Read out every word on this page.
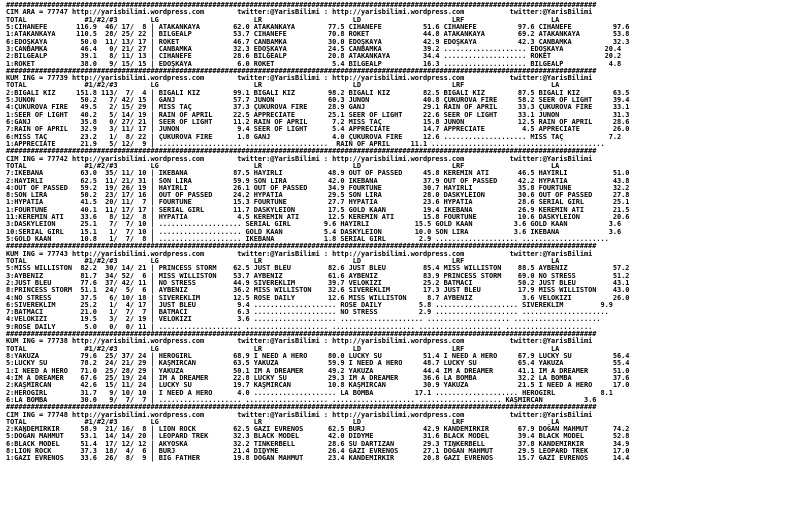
###############################################################################################################################################
CIM ARA = 77747 http://yarisbilimi.wordpress.com        twitter:@YarisBilimi : http://yarisbilimi.wordpress.com           twitter:@YarisBilimi
TOTAL              #1/#2/#3        LG                       LR                      LD                      LRF                     LA
5:CIHANEFE       116.9  46/ 17/  8 | ATAKANKAYA        62.0 ATAKANKAYA        77.5 CIHANEFE          51.6 CIHANEFE          97.6 CIHANEFE          97.6
1:ATAKANKAYA     110.5  28/ 25/ 22 | BILGEALP          53.7 CIHANEFE          70.8 ROKET             44.8 ATAKANKAYA        69.2 ATAKANKAYA        53.8
6:EDOŞKAYA        50.0  11/ 13/ 17 | ROKET             46.7 CANBAMKA          30.0 EDOŞKAYA          42.9 EDOŞKAYA          42.3 CANBAMKA          32.3
3:CANBAMKA        46.4   0/ 21/ 27 | CANBAMKA          32.3 EDOŞKAYA          24.5 CANBAMKA          39.2 .................... EDOŞKAYA          20.4
2:BILGEALP        39.1   8/ 11/ 13 | CIHANEFE          28.6 BILGEALP          20.8 ATAKANKAYA        34.4 .................... ROKET             20.2
1:ROKET           38.0   9/ 15/ 15 | EDOŞKAYA           6.0 ROKET              5.4 BILGEALP          16.3 .................... BILGEALP           4.8
###############################################################################################################################################
KUM ING = 77739 http://yarisbilimi.wordpress.com        twitter:@YarisBilimi : http://yarisbilimi.wordpress.com           twitter:@YarisBilimi
TOTAL              #1/#2/#3        LG                       LR                      LD                      LRF                     LA
2:BIGALI KIZ     151.8 113/  7/  4 | BIGALI KIZ        99.1 BIGALI KIZ        98.2 BIGALI KIZ        82.5 BIGALI KIZ        87.5 BIGALI KIZ        63.5
5:JUNON           50.2   7/ 42/ 15 | GANJ              57.7 JUNON             60.3 JUNON             40.8 ÇUKUROVA FIRE     58.2 SEER OF LIGHT     39.4
4:ÇUKUROVA FIRE   49.5   2/ 15/ 29 | MISS TAÇ          37.3 ÇUKUROVA FIRE     28.9 GANJ              29.1 RAIN OF APRIL     33.3 ÇUKUROVA FIRE     33.1
1:SEER OF LIGHT   40.2   5/ 14/ 19 | RAIN OF APRIL     22.5 APPRECIATE        25.1 SEER OF LIGHT     22.6 SEER OF LIGHT     33.1 JUNON             31.3
6:GANJ            35.8   0/ 27/ 21 | SEER OF LIGHT     11.2 RAIN OF APRIL      7.2 MISS TAÇ          15.8 JUNON             12.5 RAIN OF APRIL     28.6
7:RAIN OF APRIL   32.9   3/ 11/ 17 | JUNON              9.4 SEER OF LIGHT      5.4 APPRECIATE        14.7 APPRECIATE         4.5 APPRECIATE        26.0
6:MISS TAÇ        23.2   1/  8/ 22 | ÇUKUROVA FIRE      1.8 GANJ               4.0 ÇUKUROVA FIRE     12.6 .................... MISS TAÇ           7.2
1:APPRECIATE      21.9   5/ 12/  9 | .................... ....................  RAIN OF APRIL     11.1 .................... .....................
###############################################################################################################################################
CIM ING = 77742 http://yarisbilimi.wordpress.com        twitter:@YarisBilimi : http://yarisbilimi.wordpress.com           twitter:@YarisBilimi
TOTAL              #1/#2/#3        LG                       LR                      LD                      LRF                     LA
7:IKEBANA         63.0  35/ 11/ 10 | IKEBANA           87.5 HAYIRLI           48.9 OUT OF PASSED     45.8 KEREMIN ATI       46.5 HAYIRLI           51.0
2:HAYIRLI         62.5  11/ 21/ 31 | SON LIRA          59.9 SON LIRA          42.0 IKEBANA           37.9 OUT OF PASSED     42.2 HYPATIA           43.8
4:OUT OF PASSED   59.2  19/ 26/ 19 | HAYIRLI           26.1 OUT OF PASSED     34.9 FOURTUNE          30.7 HAYIRLI           35.8 FOURTUNE          32.2
8:SON LIRA        50.2  23/ 17/ 16 | OUT OF PASSED     24.2 HYPATIA           29.5 SON LIRA          28.0 DASKYLEION        30.6 OUT OF PASSED     27.8
1:HYPATIA         41.5  20/ 11/  7 | FOURTUNE          15.3 FOURTUNE          27.7 HYPATIA           23.6 HYPATIA           28.6 SERIAL GIRL       25.1
1:FOURTUNE        40.1  11/ 17/ 17 | SERIAL GIRL       11.7 DASKYLEION        17.5 GOLD KAAN         19.4 IKEBANA           26.9 KEREMIN ATI       21.5
11:KEREMIN ATI    33.6   8/ 12/  8 | HYPATIA            4.5 KEREMIN ATI       12.5 KEREMIN ATI       15.8 FOURTUNE          10.6 DASKYLEION        20.6
3:DASKYLEION      25.1   7/  7/ 10 | .................... SERIAL GIRL        9.6 HAYIRLI           15.5 GOLD KAAN          3.6 GOLD KAAN          3.6
10:SERIAL GIRL    15.1   1/  7/ 10 | .................... GOLD KAAN          5.4 DASKYLEION        10.0 SON LIRA           3.6 IKEBANA            3.6
5:GOLD KAAN       10.8   1/  7/  8 | .................... IKEBANA            1.8 SERIAL GIRL        2.9 .................... .....................
###############################################################################################################################################
KUM ING = 77743 http://yarisbilimi.wordpress.com        twitter:@YarisBilimi : http://yarisbilimi.wordpress.com           twitter:@YarisBilimi
TOTAL              #1/#2/#3        LG                       LR                      LD                      LRF                     LA
5:MISS WILLISTON  82.2  30/ 14/ 21 | PRINCESS STORM    62.5 JUST BLEU         82.6 JUST BLEU         85.4 MISS WILLISTON    88.5 AYBENIZ           57.2
3:AYBENIZ         81.7  34/ 52/  6 | MISS WILLISTON    53.7 AYBENIZ           61.6 AYBENIZ           83.9 PRINCESS STORM    69.0 NO STRESS         51.2
2:JUST BLEU       77.6  37/ 42/ 11 | NO STRESS         44.9 SIVEREKLIM        39.7 VELOKIZI          25.2 BATMACI           50.2 JUST BLEU         43.1
8:PRINCESS STORM  51.1  24/  5/  6 | AYBENIZ           36.2 MISS WILLISTON    32.6 SIVEREKLIM        17.3 JUST BLEU         17.9 MISS WILLISTON    43.0
4:NO STRESS       37.5   6/ 10/ 18 | SIVEREKLIM        12.5 ROSE DAILY        12.6 MISS WILLISTON     8.7 AYBENIZ            3.6 VELOKIZI          26.0
6:SIVEREKLIM      25.2   1/  4/ 17 | JUST BLEU          9.4 .................... ROSE DAILY         5.8 .................... SIVEREKLIM         9.9
7:BATMACI         21.0   1/  7/  7 | BATMACI            6.3 .................... NO STRESS          2.9 .................... .....................
4:VELOKIZI        19.5   3/  2/ 19 | VELOKIZI           3.6 .................... .................... .................... .....................
9:ROSE DAILY       5.0   0/  0/ 11 | .................... .................... .................... .................... .....................
###############################################################################################################################################
KUM ING = 77738 http://yarisbilimi.wordpress.com        twitter:@YarisBilimi : http://yarisbilimi.wordpress.com           twitter:@YarisBilimi
TOTAL              #1/#2/#3        LG                       LR                      LD                      LRF                     LA
8:YAKUZA          79.6  25/ 37/ 24 | HEROGIRL          68.9 I NEED A HERO     80.0 LUCKY SU          51.4 I NEED A HERO     67.9 LUCKY SU          56.4
5:LUCKY SU        78.2  24/ 21/ 29 | KAŞMIRCAN         63.5 YAKUZA            59.9 I NEED A HERO     48.7 LUCKY SU          65.4 YAKUZA            55.4
1:I NEED A HERO   71.0  25/ 28/ 29 | YAKUZA            50.1 IM A DREAMER      49.2 YAKUZA            44.4 IM A DREAMER      41.1 IM A DREAMER      51.0
4:IM A DREAMER    67.6  25/ 19/ 24 | IM A DREAMER      22.8 LUCKY SU          29.3 IM A DREAMER      36.6 LA BOMBA          32.2 LA BOMBA          37.6
2:KAŞMIRCAN       42.6  15/ 11/ 24 | LUCKY SU          19.7 KAŞMIRCAN         10.8 KAŞMIRCAN         30.9 YAKUZA            21.5 I NEED A HERO     17.0
2:HEROGIRL        31.7   9/ 10/ 10 | I NEED A HERO      4.0 .................... LA BOMBA          17.1 .................... HEROGIRL           8.1
6:LA BOMBA        30.0   9/  7/  7 | .................... .................... .................... .................... KAŞMIRCAN          3.6
###############################################################################################################################################
CIM ING = 77748 http://yarisbilimi.wordpress.com        twitter:@YarisBilimi : http://yarisbilimi.wordpress.com           twitter:@YarisBilimi
TOTAL              #1/#2/#3        LG                       LR                      LD                      LRF                     LA
2:KANDEMIRKIR     58.9  21/ 16/  8 | LION ROCK         62.5 GAZI EVRENOS      62.5 BURJ              42.9 KANDEMIRKIR       67.9 DOĞAN MAHMUT      74.2
5:DOĞAN MAHMUT    53.1  14/ 14/ 20 | LEOPARD TREK      32.3 BLACK MODEL       42.0 DIDYME            31.6 BLACK MODEL       39.4 BLACK MODEL       52.8
6:BLACK MODEL     51.4  17/ 12/ 12 | AKYOSKA           32.2 TINKERBELL        28.6 SU DARTIZAN       29.3 TINKERBELL        37.8 KANDEMIRKIR       34.9
8:LION ROCK       37.3  18/  4/  6 | BURJ              21.4 DIDYME            26.4 GAZI EVRENOS      27.1 DOĞAN MAHMUT      29.5 LEOPARD TREK      17.0
1:GAZI EVRENOS    33.6  26/  8/  9 | BIG FATHER        19.8 DOĞAN MAHMUT      23.4 KANDEMIRKIR       20.8 GAZI EVRENOS      15.7 GAZI EVRENOS      14.4
